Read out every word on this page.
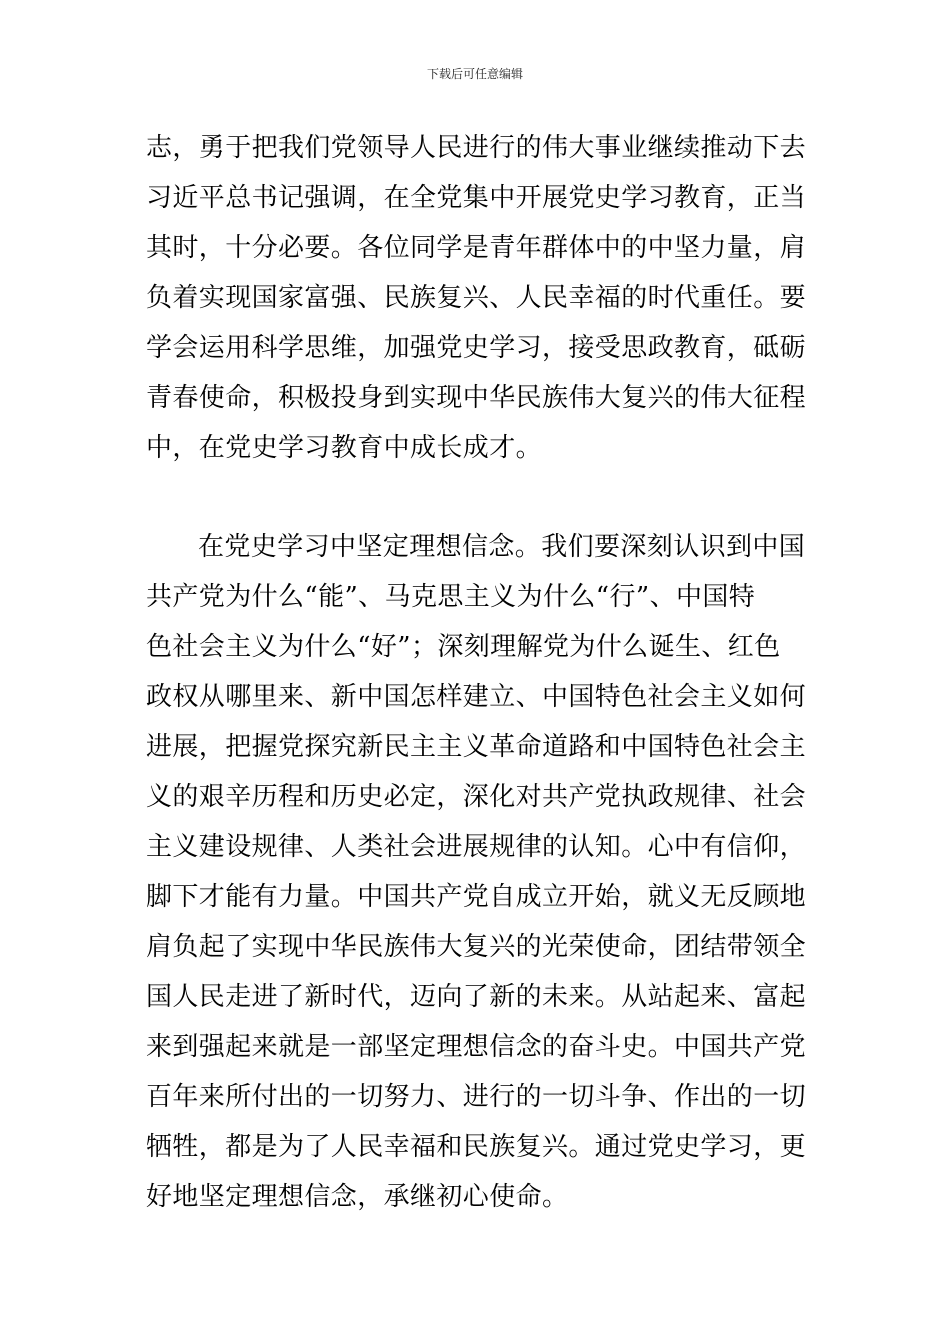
下载后可任意编辑
志，勇于把我们党领导人民进行的伟大事业继续推动下去
习近平总书记强调，在全党集中开展党史学习教育，正当
其时，十分必要。各位同学是青年群体中的中坚力量，肩
负着实现国家富强、民族复兴、人民幸福的时代重任。要
学会运用科学思维，加强党史学习，接受思政教育，砥砺
青春使命，积极投身到实现中华民族伟大复兴的伟大征程
中，在党史学习教育中成长成才。
在党史学习中坚定理想信念。我们要深刻认识到中国
共产党为什么“能”、马克思主义为什么“行”、中国特
色社会主义为什么“好”；深刻理解党为什么诞生、红色
政权从哪里来、新中国怎样建立、中国特色社会主义如何
进展，把握党探究新民主主义革命道路和中国特色社会主
义的艰辛历程和历史必定，深化对共产党执政规律、社会
主义建设规律、人类社会进展规律的认知。心中有信仰，
脚下才能有力量。中国共产党自成立开始，就义无反顾地
肩负起了实现中华民族伟大复兴的光荣使命，团结带领全
国人民走进了新时代，迈向了新的未来。从站起来、富起
来到强起来就是一部坚定理想信念的奋斗史。中国共产党
百年来所付出的一切努力、进行的一切斗争、作出的一切
牺牲，都是为了人民幸福和民族复兴。通过党史学习，更
好地坚定理想信念，承继初心使命。
